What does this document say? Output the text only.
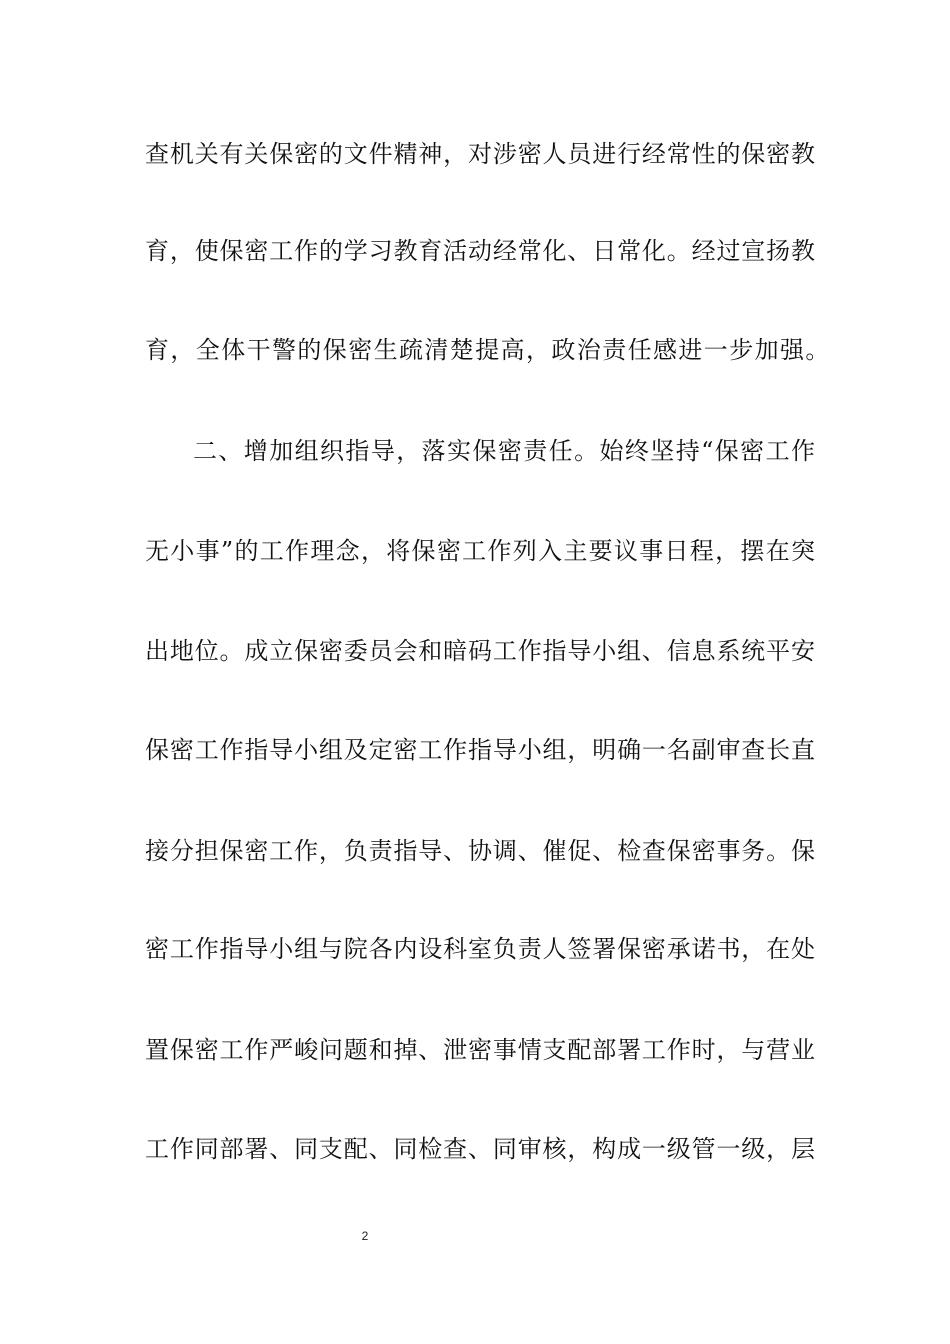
查机关有关保密的文件精神，对涉密人员进行经常性的保密教
育，使保密工作的学习教育活动经常化、日常化。经过宣扬教
育，全体干警的保密生疏清楚提高，政治责任感进一步加强。
二、增加组织指导，落实保密责任。始终坚持“保密工作
无小事”的工作理念，将保密工作列入主要议事日程，摆在突
出地位。成立保密委员会和暗码工作指导小组、信息系统平安
保密工作指导小组及定密工作指导小组，明确一名副审查长直
接分担保密工作，负责指导、协调、催促、检查保密事务。保
密工作指导小组与院各内设科室负责人签署保密承诺书，在处
置保密工作严峻问题和掉、泄密事情支配部署工作时，与营业
工作同部署、同支配、同检查、同审核，构成一级管一级，层
2
